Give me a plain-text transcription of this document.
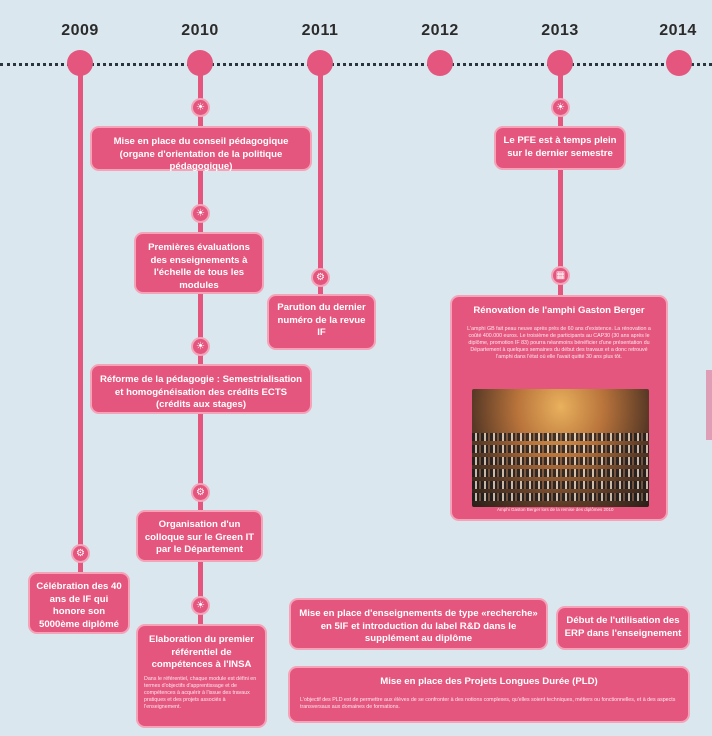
2009	2010	2011	2012	2013	2014
⚙
☀
☀
☀
⚙
☀
⚙
☀
▦
Mise en place du conseil pédagogique (organe d'orientation de la politique pédagogique)
Premières évaluations des enseignements à l'échelle de tous les modules
Réforme de la pédagogie : Semestrialisation et homogénéisation des crédits ECTS (crédits aux stages)
Organisation d'un colloque sur le Green IT par le Département
Elaboration du premier référentiel de compétences à l'INSA
Dans le référentiel, chaque module est défini en termes d'objectifs d'apprentissage et de compétences à acquérir à l'issue des travaux pratiques et des projets associés à l'enseignement.
Célébration des 40 ans de IF qui honore son 5000ème diplômé
Parution du dernier numéro de la revue IF
Le PFE est à temps plein sur le dernier semestre
Rénovation de l'amphi Gaston Berger
L'amphi GB fait peau neuve après près de 60 ans d'existence. La rénovation a coûté 400.000 euros. Le troisième de participants au CAP30 (30 ans après le diplôme, promotion IF 83) pourra néanmoins bénéficier d'une présentation du Département à quelques semaines du début des travaux et a donc retrouvé l'amphi dans l'état où elle l'avait quitté 30 ans plus tôt.
Amphi Gaston Berger lors de la remise des diplômes 2010
Mise en place d'enseignements de type «recherche» en 5IF et introduction du label R&D dans le supplément au diplôme
Début de l'utilisation des ERP dans l'enseignement
Mise en place des Projets Longues Durée (PLD)
L'objectif des PLD est de permettre aux élèves de se confronter à des notions complexes, qu'elles soient techniques, métiers ou fonctionnelles, et à des aspects transversaux aux domaines de formations.
